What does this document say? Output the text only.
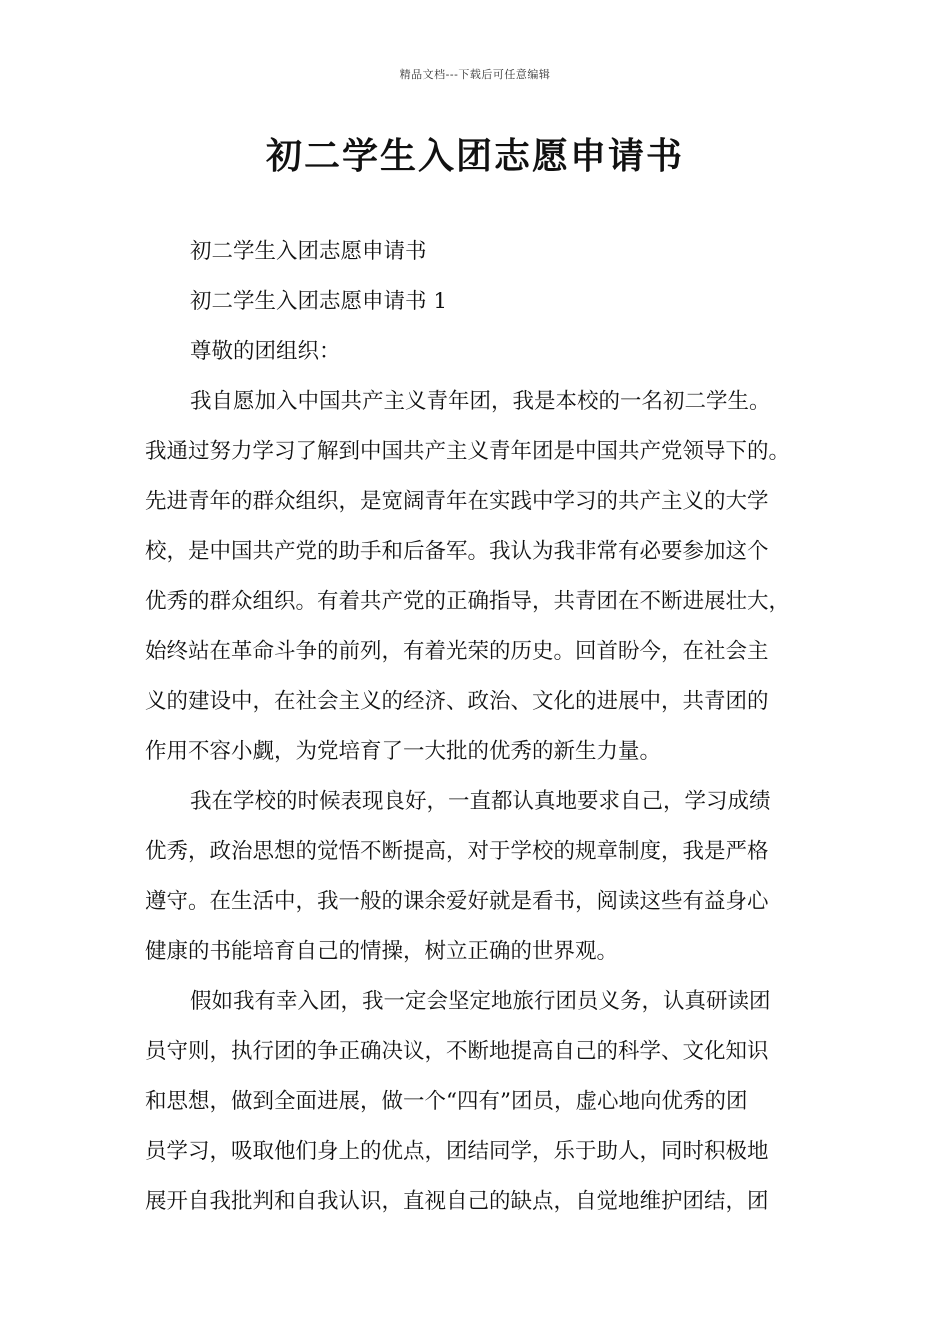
精品文档---下载后可任意编辑
初二学生入团志愿申请书
初二学生入团志愿申请书
初二学生入团志愿申请书 1
尊敬的团组织：
我自愿加入中国共产主义青年团，我是本校的一名初二学生。
我通过努力学习了解到中国共产主义青年团是中国共产党领导下的。
先进青年的群众组织，是宽阔青年在实践中学习的共产主义的大学
校，是中国共产党的助手和后备军。我认为我非常有必要参加这个
优秀的群众组织。有着共产党的正确指导，共青团在不断进展壮大，
始终站在革命斗争的前列，有着光荣的历史。回首盼今，在社会主
义的建设中，在社会主义的经济、政治、文化的进展中，共青团的
作用不容小觑，为党培育了一大批的优秀的新生力量。
我在学校的时候表现良好，一直都认真地要求自己，学习成绩
优秀，政治思想的觉悟不断提高，对于学校的规章制度，我是严格
遵守。在生活中，我一般的课余爱好就是看书，阅读这些有益身心
健康的书能培育自己的情操，树立正确的世界观。
假如我有幸入团，我一定会坚定地旅行团员义务，认真研读团
员守则，执行团的争正确决议，不断地提高自己的科学、文化知识
和思想，做到全面进展，做一个“四有”团员，虚心地向优秀的团
员学习，吸取他们身上的优点，团结同学，乐于助人，同时积极地
展开自我批判和自我认识，直视自己的缺点，自觉地维护团结，团
